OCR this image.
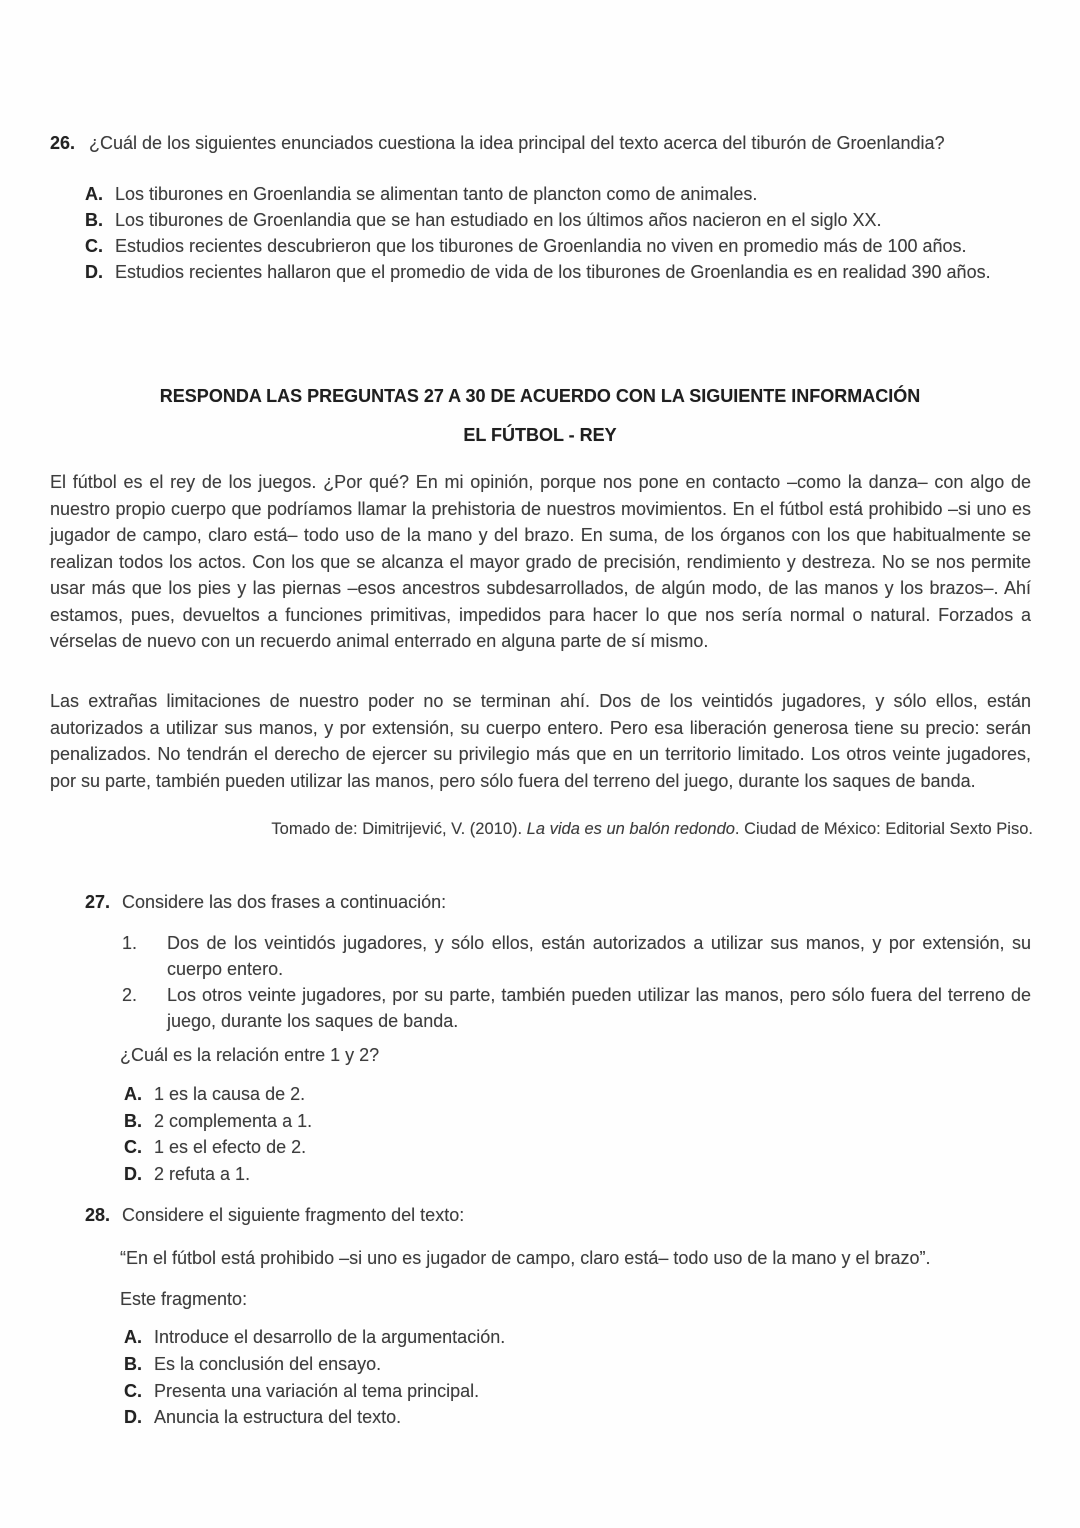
26. ¿Cuál de los siguientes enunciados cuestiona la idea principal del texto acerca del tiburón de Groenlandia?

A. Los tiburones en Groenlandia se alimentan tanto de plancton como de animales.
B. Los tiburones de Groenlandia que se han estudiado en los últimos años nacieron en el siglo XX.
C. Estudios recientes descubrieron que los tiburones de Groenlandia no viven en promedio más de 100 años.
D. Estudios recientes hallaron que el promedio de vida de los tiburones de Groenlandia es en realidad 390 años.
RESPONDA LAS PREGUNTAS 27 A 30 DE ACUERDO CON LA SIGUIENTE INFORMACIÓN
EL FÚTBOL - REY

El fútbol es el rey de los juegos. ¿Por qué? En mi opinión, porque nos pone en contacto –como la danza– con algo de nuestro propio cuerpo que podríamos llamar la prehistoria de nuestros movimientos. En el fútbol está prohibido –si uno es jugador de campo, claro está– todo uso de la mano y del brazo. En suma, de los órganos con los que habitualmente se realizan todos los actos. Con los que se alcanza el mayor grado de precisión, rendimiento y destreza. No se nos permite usar más que los pies y las piernas –esos ancestros subdesarrollados, de algún modo, de las manos y los brazos–. Ahí estamos, pues, devueltos a funciones primitivas, impedidos para hacer lo que nos sería normal o natural. Forzados a vérselas de nuevo con un recuerdo animal enterrado en alguna parte de sí mismo.

Las extrañas limitaciones de nuestro poder no se terminan ahí. Dos de los veintidós jugadores, y sólo ellos, están autorizados a utilizar sus manos, y por extensión, su cuerpo entero. Pero esa liberación generosa tiene su precio: serán penalizados. No tendrán el derecho de ejercer su privilegio más que en un territorio limitado. Los otros veinte jugadores, por su parte, también pueden utilizar las manos, pero sólo fuera del terreno del juego, durante los saques de banda.

Tomado de: Dimitrijević, V. (2010). La vida es un balón redondo. Ciudad de México: Editorial Sexto Piso.
27. Considere las dos frases a continuación:
1.	Dos de los veintidós jugadores, y sólo ellos, están autorizados a utilizar sus manos, y por extensión, su cuerpo entero.
2.	Los otros veinte jugadores, por su parte, también pueden utilizar las manos, pero sólo fuera del terreno de juego, durante los saques de banda.
¿Cuál es la relación entre 1 y 2?
A. 1 es la causa de 2.
B. 2 complementa a 1.
C. 1 es el efecto de 2.
D. 2 refuta a 1.
28. Considere el siguiente fragmento del texto:
“En el fútbol está prohibido –si uno es jugador de campo, claro está– todo uso de la mano y el brazo”.
Este fragmento:
A. Introduce el desarrollo de la argumentación.
B. Es la conclusión del ensayo.
C. Presenta una variación al tema principal.
D. Anuncia la estructura del texto.
